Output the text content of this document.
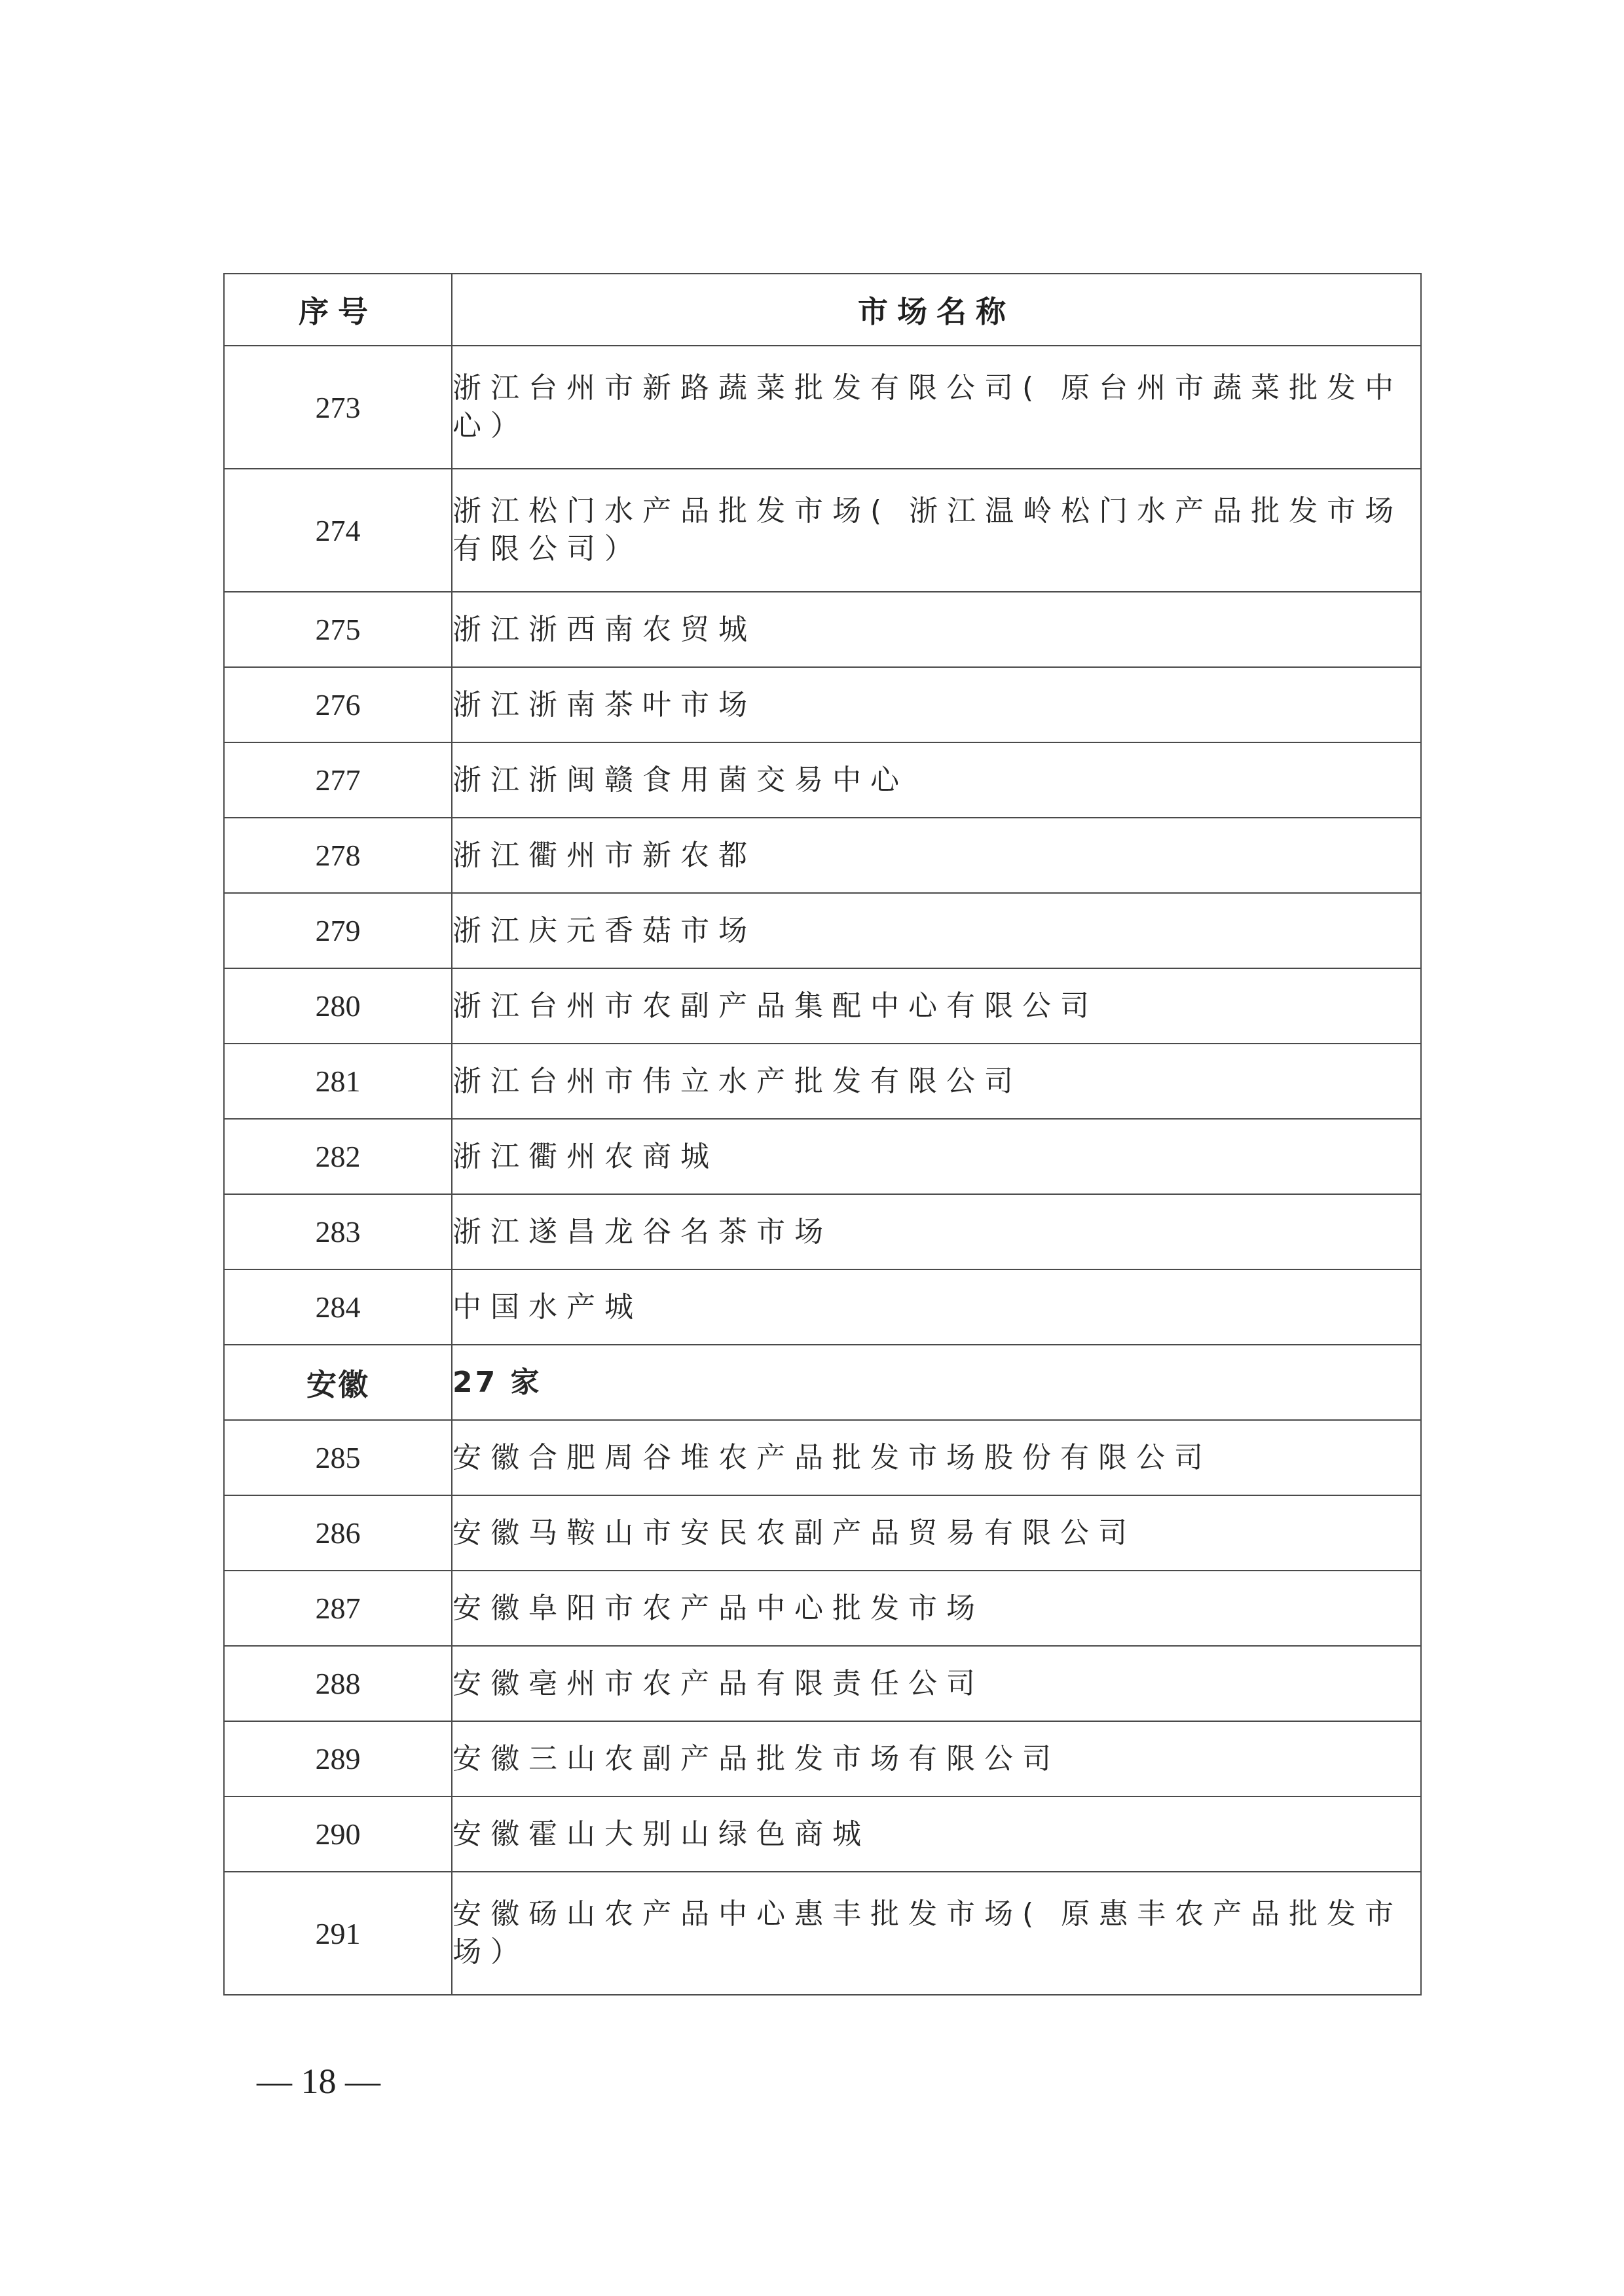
序号	市场名称
273	浙江台州市新路蔬菜批发有限公司( 原台州市蔬菜批发中心）
274	浙江松门水产品批发市场( 浙江温岭松门水产品批发市场有限公司）
275	浙江浙西南农贸城
276	浙江浙南茶叶市场
277	浙江浙闽赣食用菌交易中心
278	浙江衢州市新农都
279	浙江庆元香菇市场
280	浙江台州市农副产品集配中心有限公司
281	浙江台州市伟立水产批发有限公司
282	浙江衢州农商城
283	浙江遂昌龙谷名茶市场
284	中国水产城
安徽	27 家
285	安徽合肥周谷堆农产品批发市场股份有限公司
286	安徽马鞍山市安民农副产品贸易有限公司
287	安徽阜阳市农产品中心批发市场
288	安徽亳州市农产品有限责任公司
289	安徽三山农副产品批发市场有限公司
290	安徽霍山大别山绿色商城
291	安徽砀山农产品中心惠丰批发市场( 原惠丰农产品批发市场）
— 18 —
